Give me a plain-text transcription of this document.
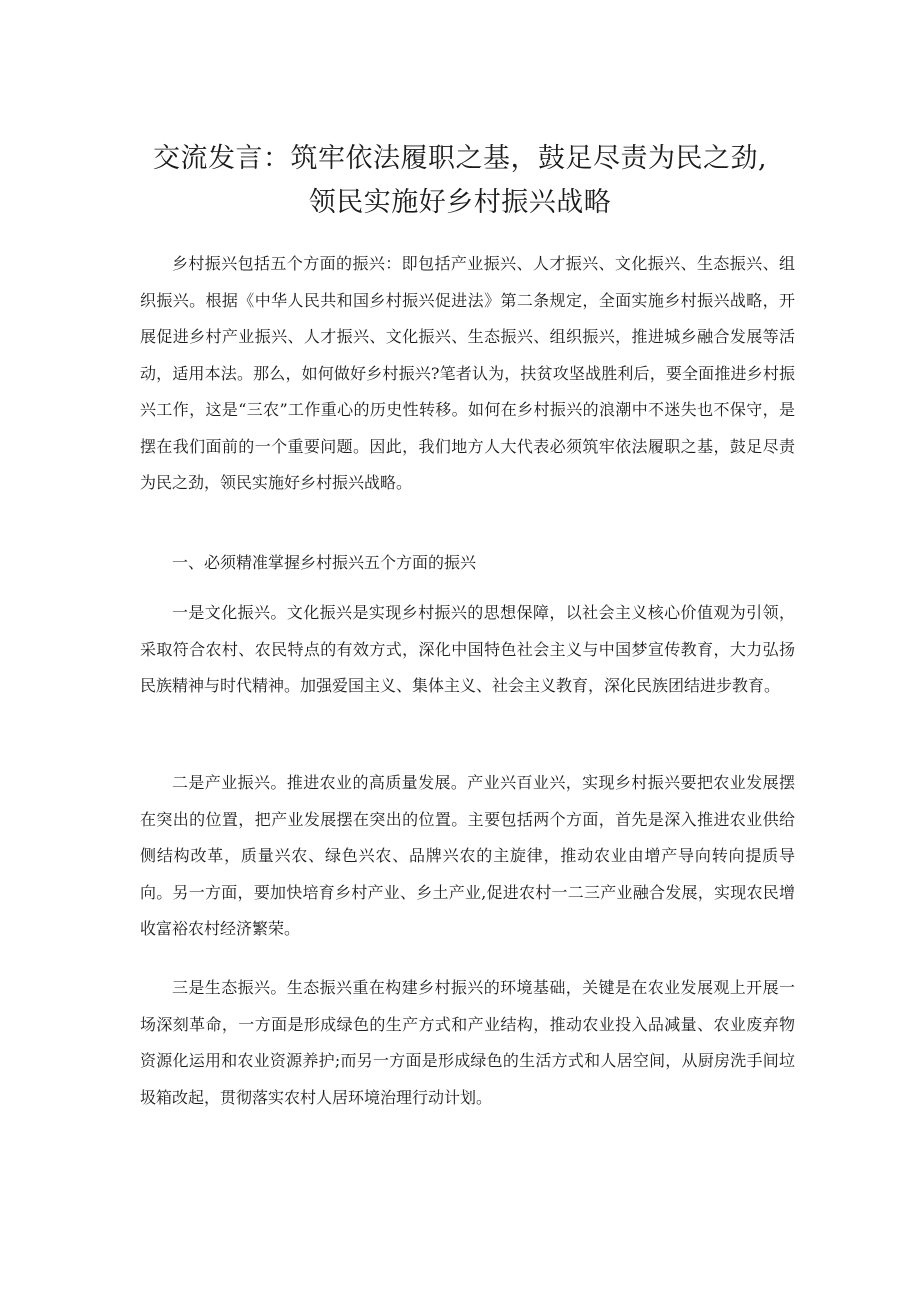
交流发言：筑牢依法履职之基，鼓足尽责为民之劲,
领民实施好乡村振兴战略

乡村振兴包括五个方面的振兴：即包括产业振兴、人才振兴、文化振兴、生态振兴、组织振兴。根据《中华人民共和国乡村振兴促进法》第二条规定，全面实施乡村振兴战略，开展促进乡村产业振兴、人才振兴、文化振兴、生态振兴、组织振兴，推进城乡融合发展等活动，适用本法。那么，如何做好乡村振兴?笔者认为，扶贫攻坚战胜利后，要全面推进乡村振兴工作，这是“三农”工作重心的历史性转移。如何在乡村振兴的浪潮中不迷失也不保守，是摆在我们面前的一个重要问题。因此，我们地方人大代表必须筑牢依法履职之基，鼓足尽责为民之劲，领民实施好乡村振兴战略。

一、必须精准掌握乡村振兴五个方面的振兴

一是文化振兴。文化振兴是实现乡村振兴的思想保障，以社会主义核心价值观为引领，采取符合农村、农民特点的有效方式，深化中国特色社会主义与中国梦宣传教育，大力弘扬民族精神与时代精神。加强爱国主义、集体主义、社会主义教育，深化民族团结进步教育。

二是产业振兴。推进农业的高质量发展。产业兴百业兴，实现乡村振兴要把农业发展摆在突出的位置，把产业发展摆在突出的位置。主要包括两个方面，首先是深入推进农业供给侧结构改革，质量兴农、绿色兴农、品牌兴农的主旋律，推动农业由增产导向转向提质导向。另一方面，要加快培育乡村产业、乡土产业,促进农村一二三产业融合发展，实现农民增收富裕农村经济繁荣。

三是生态振兴。生态振兴重在构建乡村振兴的环境基础，关键是在农业发展观上开展一场深刻革命，一方面是形成绿色的生产方式和产业结构，推动农业投入品减量、农业废弃物资源化运用和农业资源养护;而另一方面是形成绿色的生活方式和人居空间，从厨房洗手间垃圾箱改起，贯彻落实农村人居环境治理行动计划。
